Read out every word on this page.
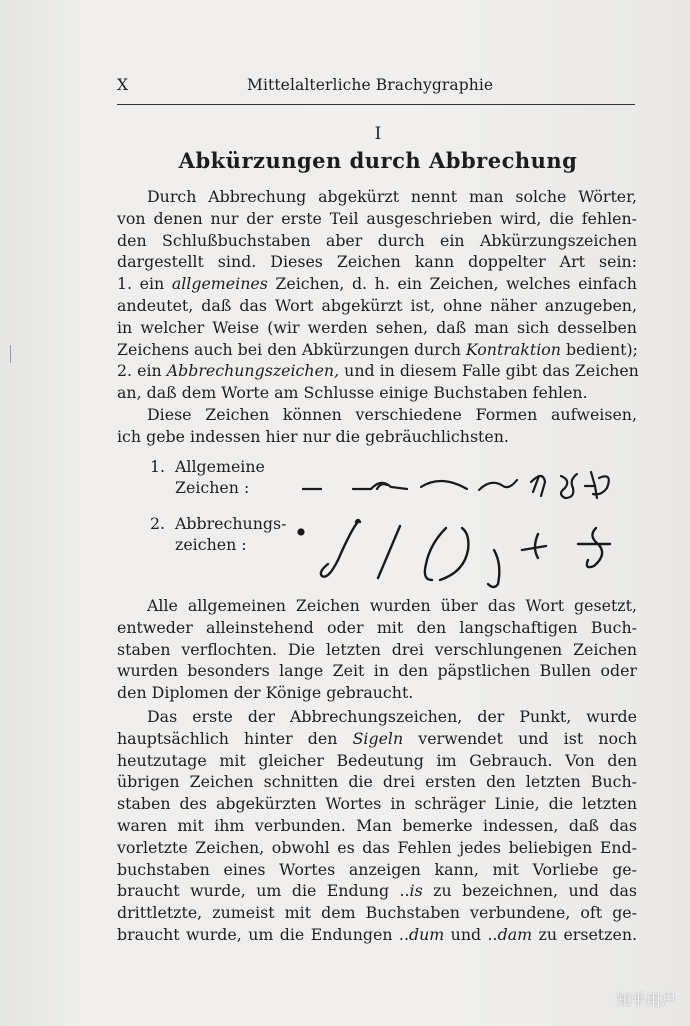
X	Mittelalterliche Brachygraphie
I
Abkürzungen durch Abbrechung
Durch Abbrechung abgekürzt nennt man solche Wörter,
von denen nur der erste Teil ausgeschrieben wird, die fehlen-
den Schlußbuchstaben aber durch ein Abkürzungszeichen
dargestellt sind. Dieses Zeichen kann doppelter Art sein:
1. ein allgemeines Zeichen, d. h. ein Zeichen, welches einfach
andeutet, daß das Wort abgekürzt ist, ohne näher anzugeben,
in welcher Weise (wir werden sehen, daß man sich desselben
Zeichens auch bei den Abkürzungen durch Kontraktion bedient);
2. ein Abbrechungszeichen, und in diesem Falle gibt das Zeichen
an, daß dem Worte am Schlusse einige Buchstaben fehlen.
Diese Zeichen können verschiedene Formen aufweisen,
ich gebe indessen hier nur die gebräuchlichsten.
1. Allgemeine
Zeichen :
2. Abbrechungs-
zeichen :
Alle allgemeinen Zeichen wurden über das Wort gesetzt,
entweder alleinstehend oder mit den langschaftigen Buch-
staben verflochten. Die letzten drei verschlungenen Zeichen
wurden besonders lange Zeit in den päpstlichen Bullen oder
den Diplomen der Könige gebraucht.
Das erste der Abbrechungszeichen, der Punkt, wurde
hauptsächlich hinter den Sigeln verwendet und ist noch
heutzutage mit gleicher Bedeutung im Gebrauch. Von den
übrigen Zeichen schnitten die drei ersten den letzten Buch-
staben des abgekürzten Wortes in schräger Linie, die letzten
waren mit ihm verbunden. Man bemerke indessen, daß das
vorletzte Zeichen, obwohl es das Fehlen jedes beliebigen End-
buchstaben eines Wortes anzeigen kann, mit Vorliebe ge-
braucht wurde, um die Endung ..is zu bezeichnen, und das
drittletzte, zumeist mit dem Buchstaben verbundene, oft ge-
braucht wurde, um die Endungen ..dum und ..dam zu ersetzen.
知乎用户
